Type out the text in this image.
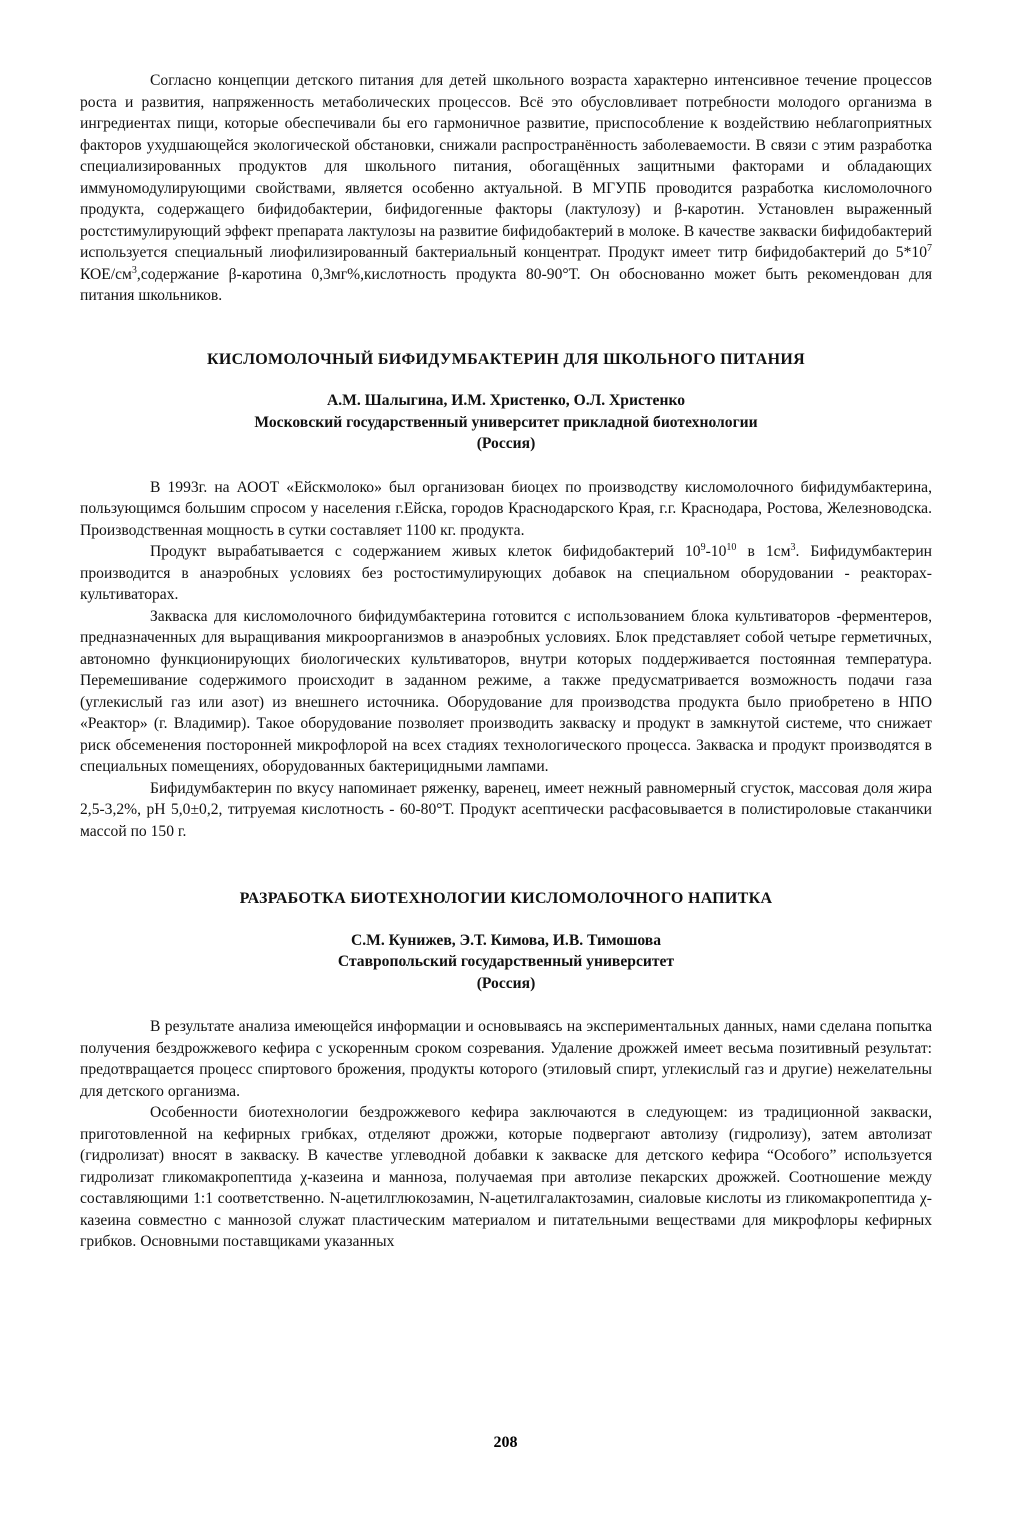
Согласно концепции детского питания для детей школьного возраста характерно интенсивное течение процессов роста и развития, напряженность метаболических процессов. Всё это обусловливает потребности молодого организма в ингредиентах пищи, которые обеспечивали бы его гармоничное развитие, приспособление к воздействию неблагоприятных факторов ухудшающейся экологической обстановки, снижали распространённость заболеваемости. В связи с этим разработка специализированных продуктов для школьного питания, обогащённых защитными факторами и обладающих иммуномодулирующими свойствами, является особенно актуальной. В МГУПБ проводится разработка кисломолочного продукта, содержащего бифидобактерии, бифидогенные факторы (лактулозу) и β-каротин. Установлен выраженный ростстимулирующий эффект препарата лактулозы на развитие бифидобактерий в молоке. В качестве закваски бифидобактерий используется специальный лиофилизированный бактериальный концентрат. Продукт имеет титр бифидобактерий до $5*10^7$ КОЕ/$см^3,содержание$ β-каротина 0,3мг%,кислотность продукта 80-90°Т. Он обоснованно может быть рекомендован для питания школьников.

КИСЛОМОЛОЧНЫЙ БИФИДУМБАКТЕРИН ДЛЯ ШКОЛЬНОГО ПИТАНИЯ
А.М. Шалыгина, И.М. Христенко, О.Л. Христенко
Московский государственный университет прикладной биотехнологии
(Россия)

В 1993г. на АООТ «Ейскмолоко» был организован биоцех по производству кисломолочного бифидумбактерина, пользующимся большим спросом у населения г.Ейска, городов Краснодарского Края, г.г. Краснодара, Ростова, Железноводска. Производственная мощность в сутки составляет 1100 кг. продукта.

Продукт вырабатывается с содержанием живых клеток бифидобактерий $10^9-10^{10}$ в $1см^3$. Бифидумбактерин производится в анаэробных условиях без ростостимулирующих добавок на специальном оборудовании - реакторах-культиваторах.

Закваска для кисломолочного бифидумбактерина готовится с использованием блока культиваторов -ферментеров, предназначенных для выращивания микроорганизмов в анаэробных условиях. Блок представляет собой четыре герметичных, автономно функционирующих биологических культиваторов, внутри которых поддерживается постоянная температура. Перемешивание содержимого происходит в заданном режиме, а также предусматривается возможность подачи газа (углекислый газ или азот) из внешнего источника. Оборудование для производства продукта было приобретено в НПО «Реактор» (г. Владимир). Такое оборудование позволяет производить закваску и продукт в замкнутой системе, что снижает риск обсеменения посторонней микрофлорой на всех стадиях технологического процесса. Закваска и продукт производятся в специальных помещениях, оборудованных бактерицидными лампами.

Бифидумбактерин по вкусу напоминает ряженку, варенец, имеет нежный равномерный сгусток, массовая доля жира 2,5-3,2%, pH 5,0±0,2, титруемая кислотность - 60-80°Т. Продукт асептически расфасовывается в полистироловые стаканчики массой по 150 г.

РАЗРАБОТКА БИОТЕХНОЛОГИИ КИСЛОМОЛОЧНОГО НАПИТКА
С.М. Кунижев, Э.Т. Кимова, И.В. Тимошова
Ставропольский государственный университет
(Россия)

В результате анализа имеющейся информации и основываясь на экспериментальных данных, нами сделана попытка получения бездрожжевого кефира с ускоренным сроком созревания. Удаление дрожжей имеет весьма позитивный результат: предотвращается процесс спиртового брожения, продукты которого (этиловый спирт, углекислый газ и другие) нежелательны для детского организма.

Особенности биотехнологии бездрожжевого кефира заключаются в следующем: из традиционной закваски, приготовленной на кефирных грибках, отделяют дрожжи, которые подвергают автолизу (гидролизу), затем автолизат (гидролизат) вносят в закваску. В качестве углеводной добавки к закваске для детского кефира “Особого” используется гидролизат гликомакропептида χ-казеина и манноза, получаемая при автолизе пекарских дрожжей. Соотношение между составляющими 1:1 соответственно. N-ацетилглюкозамин, N-ацетилгалактозамин, сиаловые кислоты из гликомакропептида χ-казеина совместно с маннозой служат пластическим материалом и питательными веществами для микрофлоры кефирных грибков. Основными поставщиками указанных

208
